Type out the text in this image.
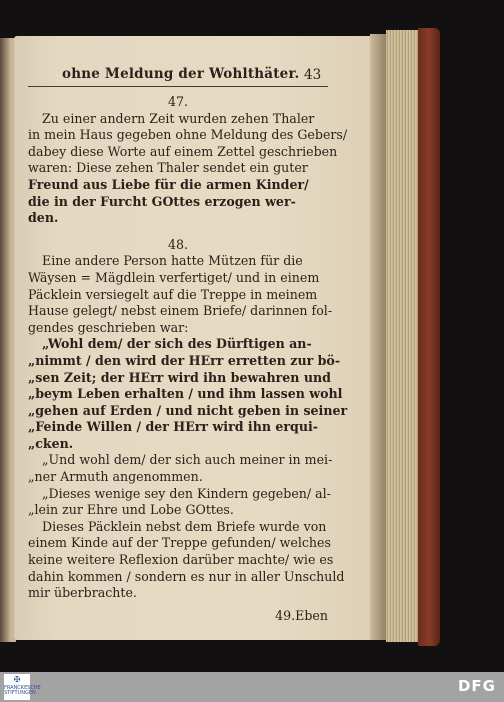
ohne Meldung der Wohlthäter. 43
47.
Zu einer andern Zeit wurden zehen Thaler
in mein Haus gegeben ohne Meldung des Gebers/
dabey diese Worte auf einem Zettel geschrieben
waren: Diese zehen Thaler sendet ein guter
Freund aus Liebe für die armen Kinder/
die in der Furcht GOttes erzogen wer-
den.
48.
Eine andere Person hatte Mützen für die
Wäysen = Mägdlein verfertiget/ und in einem
Päcklein versiegelt auf die Treppe in meinem
Hause gelegt/ nebst einem Briefe/ darinnen fol-
gendes geschrieben war:
„Wohl dem/ der sich des Dürftigen an-
„nimmt / den wird der HErr erretten zur bö-
„sen Zeit; der HErr wird ihn bewahren und
„beym Leben erhalten / und ihm lassen wohl
„gehen auf Erden / und nicht geben in seiner
„Feinde Willen / der HErr wird ihn erqui-
„cken.
„Und wohl dem/ der sich auch meiner in mei-
„ner Armuth angenommen.
„Dieses wenige sey den Kindern gegeben/ al-
„lein zur Ehre und Lobe GOttes.
Dieses Päcklein nebst dem Briefe wurde von
einem Kinde auf der Treppe gefunden/ welches
keine weitere Reflexion darüber machte/ wie es
dahin kommen / sondern es nur in aller Unschuld
mir überbrachte.
49.Eben
✠
FRANCKESCHE
STIFTUNGEN	DFG
